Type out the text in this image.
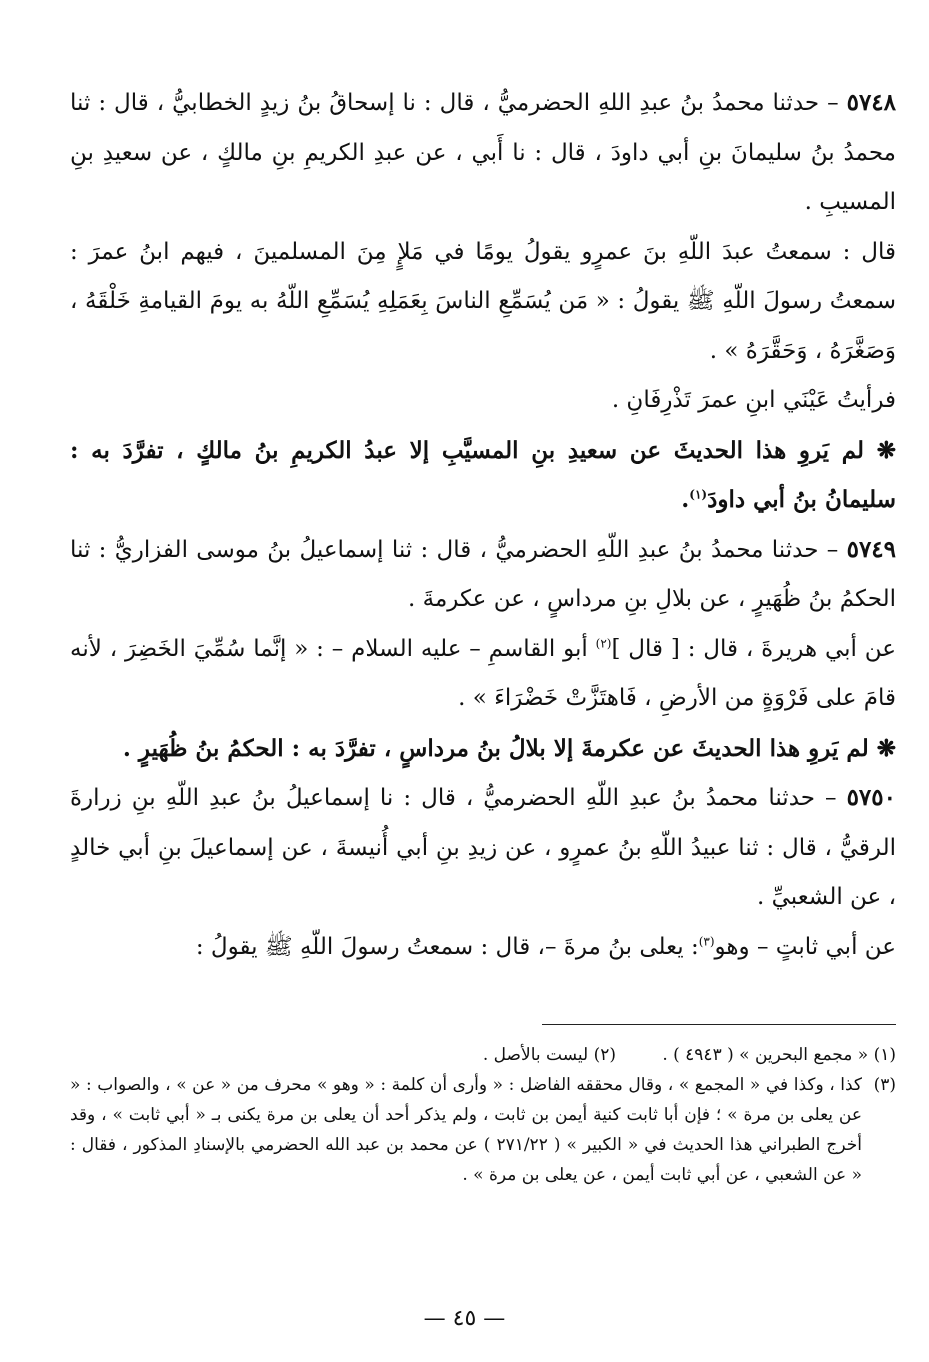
٥٧٤٨ – حدثنا محمدُ بنُ عبدِ اللهِ الحضرميُّ ، قال : نا إسحاقُ بنُ زيدٍ الخطابيُّ ، قال : ثنا محمدُ بنُ سليمانَ بنِ أبي داودَ ، قال : نا أَبي ، عن عبدِ الكريمِ بنِ مالكٍ ، عن سعيدِ بنِ المسيبِ .

قال : سمعتُ عبدَ اللّهِ بنَ عمرٍو يقولُ يومًا في مَلإٍ مِنَ المسلمينَ ، فيهم ابنُ عمرَ : سمعتُ رسولَ اللّهِ ﷺ يقولُ : « مَن يُسَمِّعِ الناسَ بِعَمَلِهِ يُسَمِّعِ اللّهُ به يومَ القيامةِ خَلْقَهُ ، وَصَغَّرَهُ ، وَحَقَّرَهُ » .

فرأيتُ عَيْنَي ابنِ عمرَ تَذْرِفَانِ .

❋ لم يَروِ هذا الحديثَ عن سعيدِ بنِ المسيَّبِ إلا عبدُ الكريمِ بنُ مالكٍ ، تفرَّدَ به : سليمانُ بنُ أبي داودَ$^{(١)}$.

٥٧٤٩ – حدثنا محمدُ بنُ عبدِ اللّهِ الحضرميُّ ، قال : ثنا إسماعيلُ بنُ موسى الفزاريُّ : ثنا الحكمُ بنُ ظُهَيرٍ ، عن بلالِ بنِ مرداسٍ ، عن عكرمةَ .

عن أبي هريرةَ ، قال : [ قال ]$^{(٢)}$ أبو القاسمِ – عليه السلام – : « إنَّما سُمِّيَ الخَضِرَ ، لأنه قامَ على فَرْوَةٍ من الأرضِ ، فَاهتَزَّتْ خَضْرَاءَ » .

❋ لم يَروِ هذا الحديثَ عن عكرمةَ إلا بلالُ بنُ مرداسٍ ، تفرَّدَ به : الحكمُ بنُ ظُهَيرٍ .

٥٧٥٠ – حدثنا محمدُ بنُ عبدِ اللّهِ الحضرميُّ ، قال : نا إسماعيلُ بنُ عبدِ اللّهِ بنِ زرارةَ الرقيُّ ، قال : ثنا عبيدُ اللّهِ بنُ عمرٍو ، عن زيدِ بنِ أبي أُنيسةَ ، عن إسماعيلَ بنِ أبي خالدٍ ، عن الشعبيِّ .

عن أبي ثابتٍ – وهو$^{(٣)}$: يعلى بنُ مرةَ –، قال : سمعتُ رسولَ اللّهِ ﷺ يقولُ :

(١) « مجمع البحرين » ( ٤٩٤٣ ) .
(٢) ليست بالأصل .

(٣)
كذا ، وكذا في « المجمع » ، وقال محققه الفاضل : « وأرى أن كلمة : « وهو » محرف من « عن » ، والصواب : « عن يعلى بن مرة » ؛ فإن أبا ثابت كنية أيمن بن ثابت ، ولم يذكر أحد أن يعلى بن مرة يكنى بـ « أبي ثابت » ، وقد أخرج الطبراني هذا الحديث في « الكبير » ( ٢٧١/٢٢ ) عن محمد بن عبد الله الحضرمي بالإسنادِ المذكور ، فقال : « عن الشعبي ، عن أبي ثابت أيمن ، عن يعلى بن مرة » .

— ٤٥ —
